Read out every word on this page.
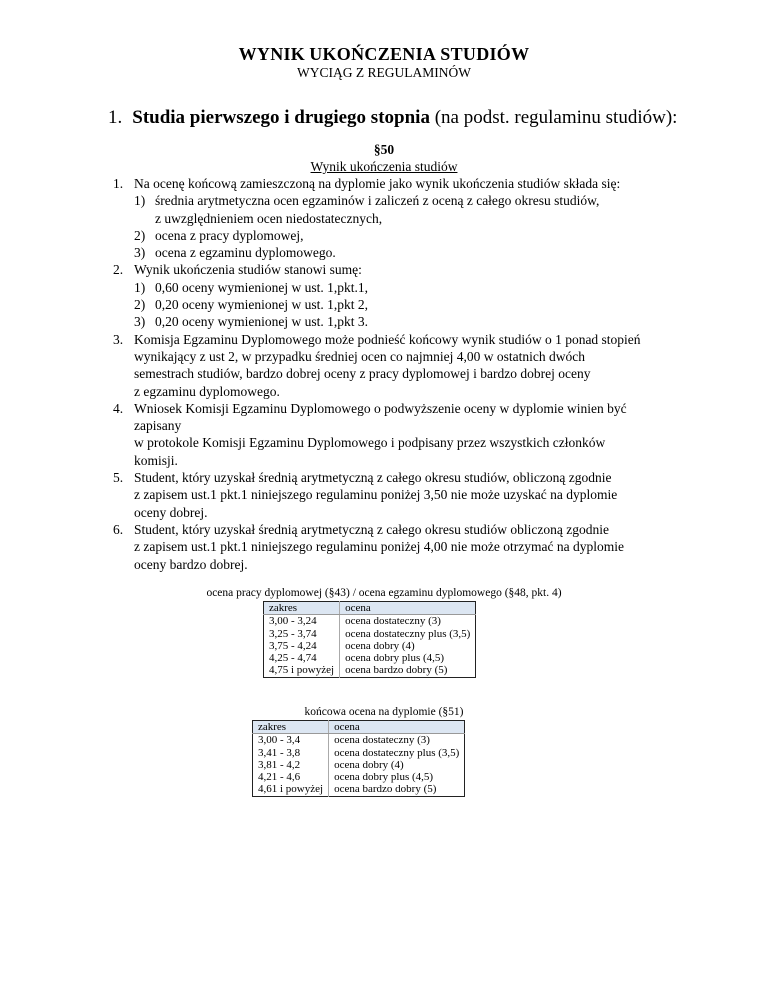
WYNIK UKOŃCZENIA STUDIÓW
WYCIĄG Z REGULAMINÓW
1. Studia pierwszego i drugiego stopnia (na podst. regulaminu studiów):
§50
Wynik ukończenia studiów
1. Na ocenę końcową zamieszczoną na dyplomie jako wynik ukończenia studiów składa się:
1) średnia arytmetyczna ocen egzaminów i zaliczeń z oceną z całego okresu studiów,
z uwzględnieniem ocen niedostatecznych,
2) ocena z pracy dyplomowej,
3) ocena z egzaminu dyplomowego.
2. Wynik ukończenia studiów stanowi sumę:
1) 0,60 oceny wymienionej w ust. 1,pkt.1,
2) 0,20 oceny wymienionej w ust. 1,pkt 2,
3) 0,20 oceny wymienionej w ust. 1,pkt 3.
3. Komisja Egzaminu Dyplomowego może podnieść końcowy wynik studiów o 1 ponad stopień
wynikający z ust 2, w przypadku średniej ocen co najmniej 4,00 w ostatnich dwóch
semestrach studiów, bardzo dobrej oceny z pracy dyplomowej i bardzo dobrej oceny
z egzaminu dyplomowego.
4. Wniosek Komisji Egzaminu Dyplomowego o podwyższenie oceny w dyplomie winien być
zapisany
w protokole Komisji Egzaminu Dyplomowego i podpisany przez wszystkich członków
komisji.
5. Student, który uzyskał średnią arytmetyczną z całego okresu studiów, obliczoną zgodnie
z zapisem ust.1 pkt.1 niniejszego regulaminu poniżej 3,50 nie może uzyskać na dyplomie
oceny dobrej.
6. Student, który uzyskał średnią arytmetyczną z całego okresu studiów obliczoną zgodnie
z zapisem ust.1 pkt.1 niniejszego regulaminu poniżej 4,00 nie może otrzymać na dyplomie
oceny bardzo dobrej.
ocena pracy dyplomowej (§43) / ocena egzaminu dyplomowego (§48, pkt. 4)
zakres	ocena
3,00 - 3,24	ocena dostateczny (3)
3,25 - 3,74	ocena dostateczny plus (3,5)
3,75 - 4,24	ocena dobry (4)
4,25 - 4,74	ocena dobry plus (4,5)
4,75 i powyżej	ocena bardzo dobry (5)
końcowa ocena na dyplomie (§51)
zakres	ocena
3,00 - 3,4	ocena dostateczny (3)
3,41 - 3,8	ocena dostateczny plus (3,5)
3,81 - 4,2	ocena dobry (4)
4,21 - 4,6	ocena dobry plus (4,5)
4,61 i powyżej	ocena bardzo dobry (5)
